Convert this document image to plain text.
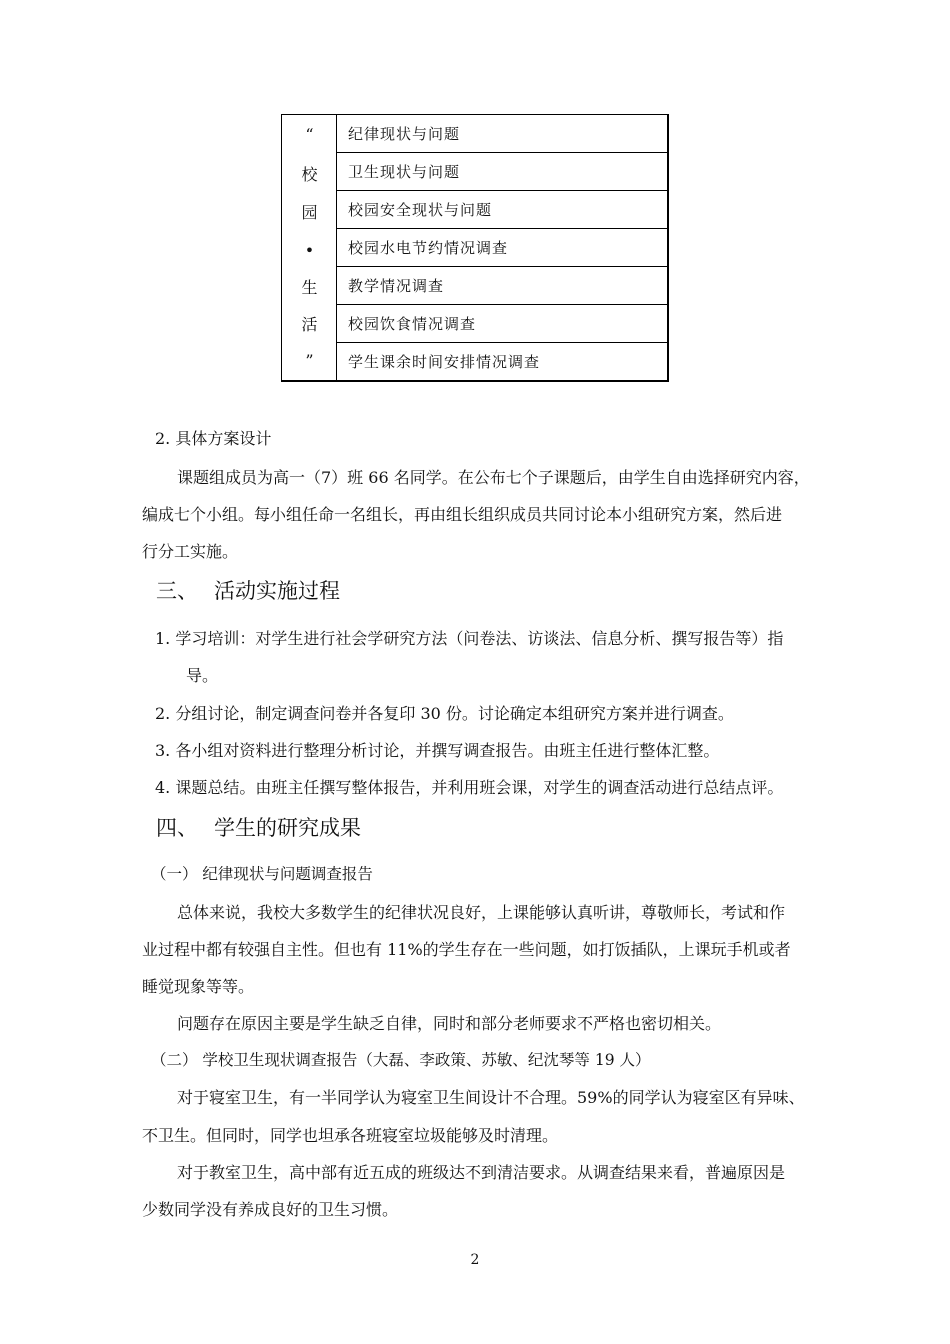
“
校
园
•
生
活
”
纪律现状与问题
卫生现状与问题
校园安全现状与问题
校园水电节约情况调查
教学情况调查
校园饮食情况调查
学生课余时间安排情况调查
2. 具体方案设计
课题组成员为高一（7）班 66 名同学。在公布七个子课题后，由学生自由选择研究内容，
编成七个小组。每小组任命一名组长，再由组长组织成员共同讨论本小组研究方案，然后进
行分工实施。
三、 活动实施过程
1. 学习培训：对学生进行社会学研究方法（问卷法、访谈法、信息分析、撰写报告等）指
导。
2. 分组讨论，制定调查问卷并各复印 30 份。讨论确定本组研究方案并进行调查。
3. 各小组对资料进行整理分析讨论，并撰写调查报告。由班主任进行整体汇整。
4. 课题总结。由班主任撰写整体报告，并利用班会课，对学生的调查活动进行总结点评。
四、 学生的研究成果
（一） 纪律现状与问题调查报告
总体来说，我校大多数学生的纪律状况良好，上课能够认真听讲，尊敬师长，考试和作
业过程中都有较强自主性。但也有 11%的学生存在一些问题，如打饭插队，上课玩手机或者
睡觉现象等等。
问题存在原因主要是学生缺乏自律，同时和部分老师要求不严格也密切相关。
（二） 学校卫生现状调查报告（大磊、李政策、苏敏、纪沈琴等 19 人）
对于寝室卫生，有一半同学认为寝室卫生间设计不合理。59%的同学认为寝室区有异味、
不卫生。但同时，同学也坦承各班寝室垃圾能够及时清理。
对于教室卫生，高中部有近五成的班级达不到清洁要求。从调查结果来看，普遍原因是
少数同学没有养成良好的卫生习惯。
2
